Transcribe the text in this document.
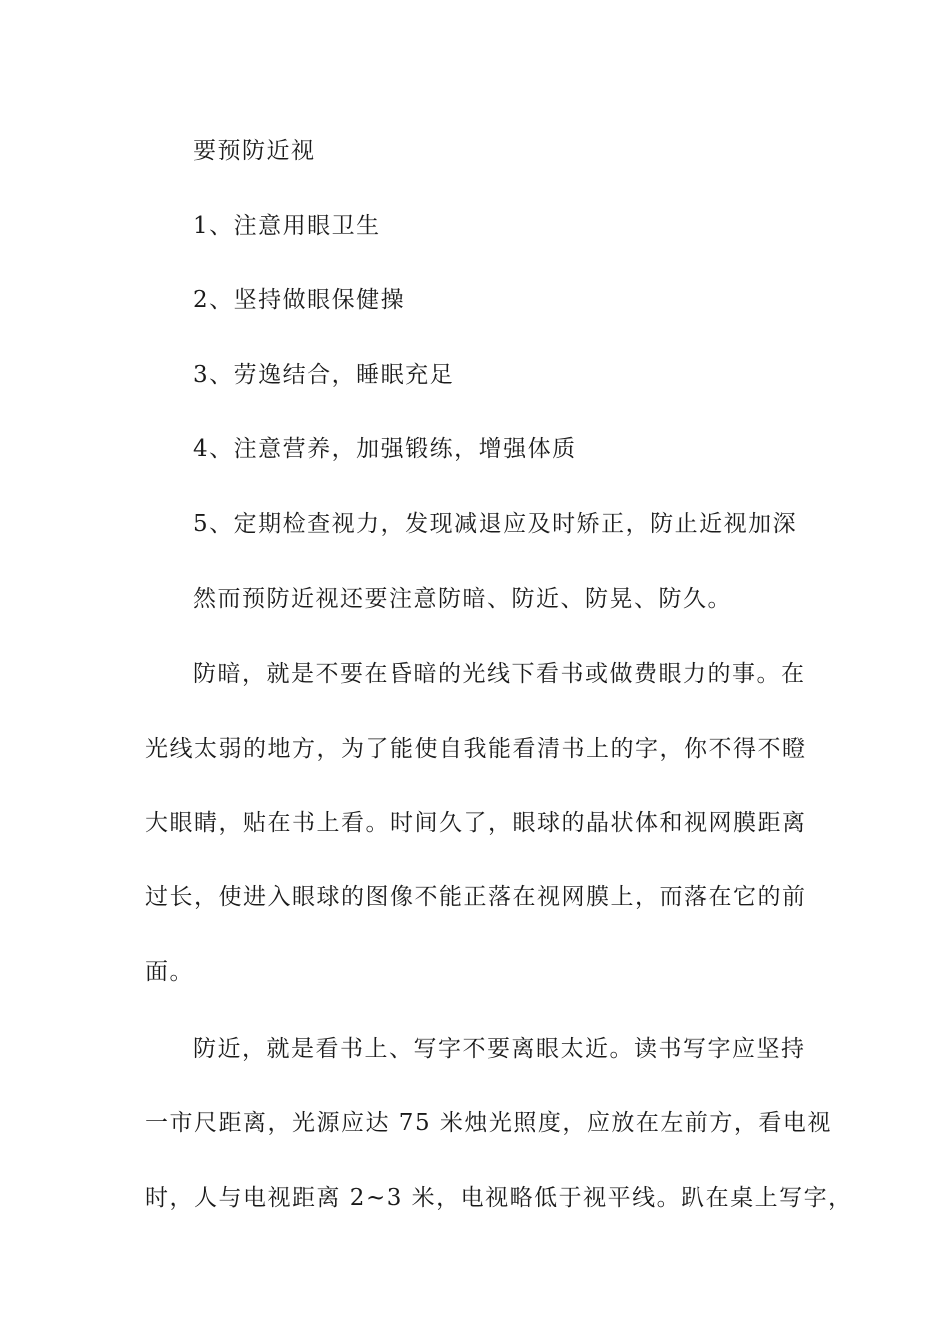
要预防近视
1、注意用眼卫生
2、坚持做眼保健操
3、劳逸结合，睡眠充足
4、注意营养，加强锻练，增强体质
5、定期检查视力，发现减退应及时矫正，防止近视加深
然而预防近视还要注意防暗、防近、防晃、防久。
防暗，就是不要在昏暗的光线下看书或做费眼力的事。在
光线太弱的地方，为了能使自我能看清书上的字，你不得不瞪
大眼睛，贴在书上看。时间久了，眼球的晶状体和视网膜距离
过长，使进入眼球的图像不能正落在视网膜上，而落在它的前
面。
防近，就是看书上、写字不要离眼太近。读书写字应坚持
一市尺距离，光源应达 75 米烛光照度，应放在左前方，看电视
时，人与电视距离 2~3 米，电视略低于视平线。趴在桌上写字，
